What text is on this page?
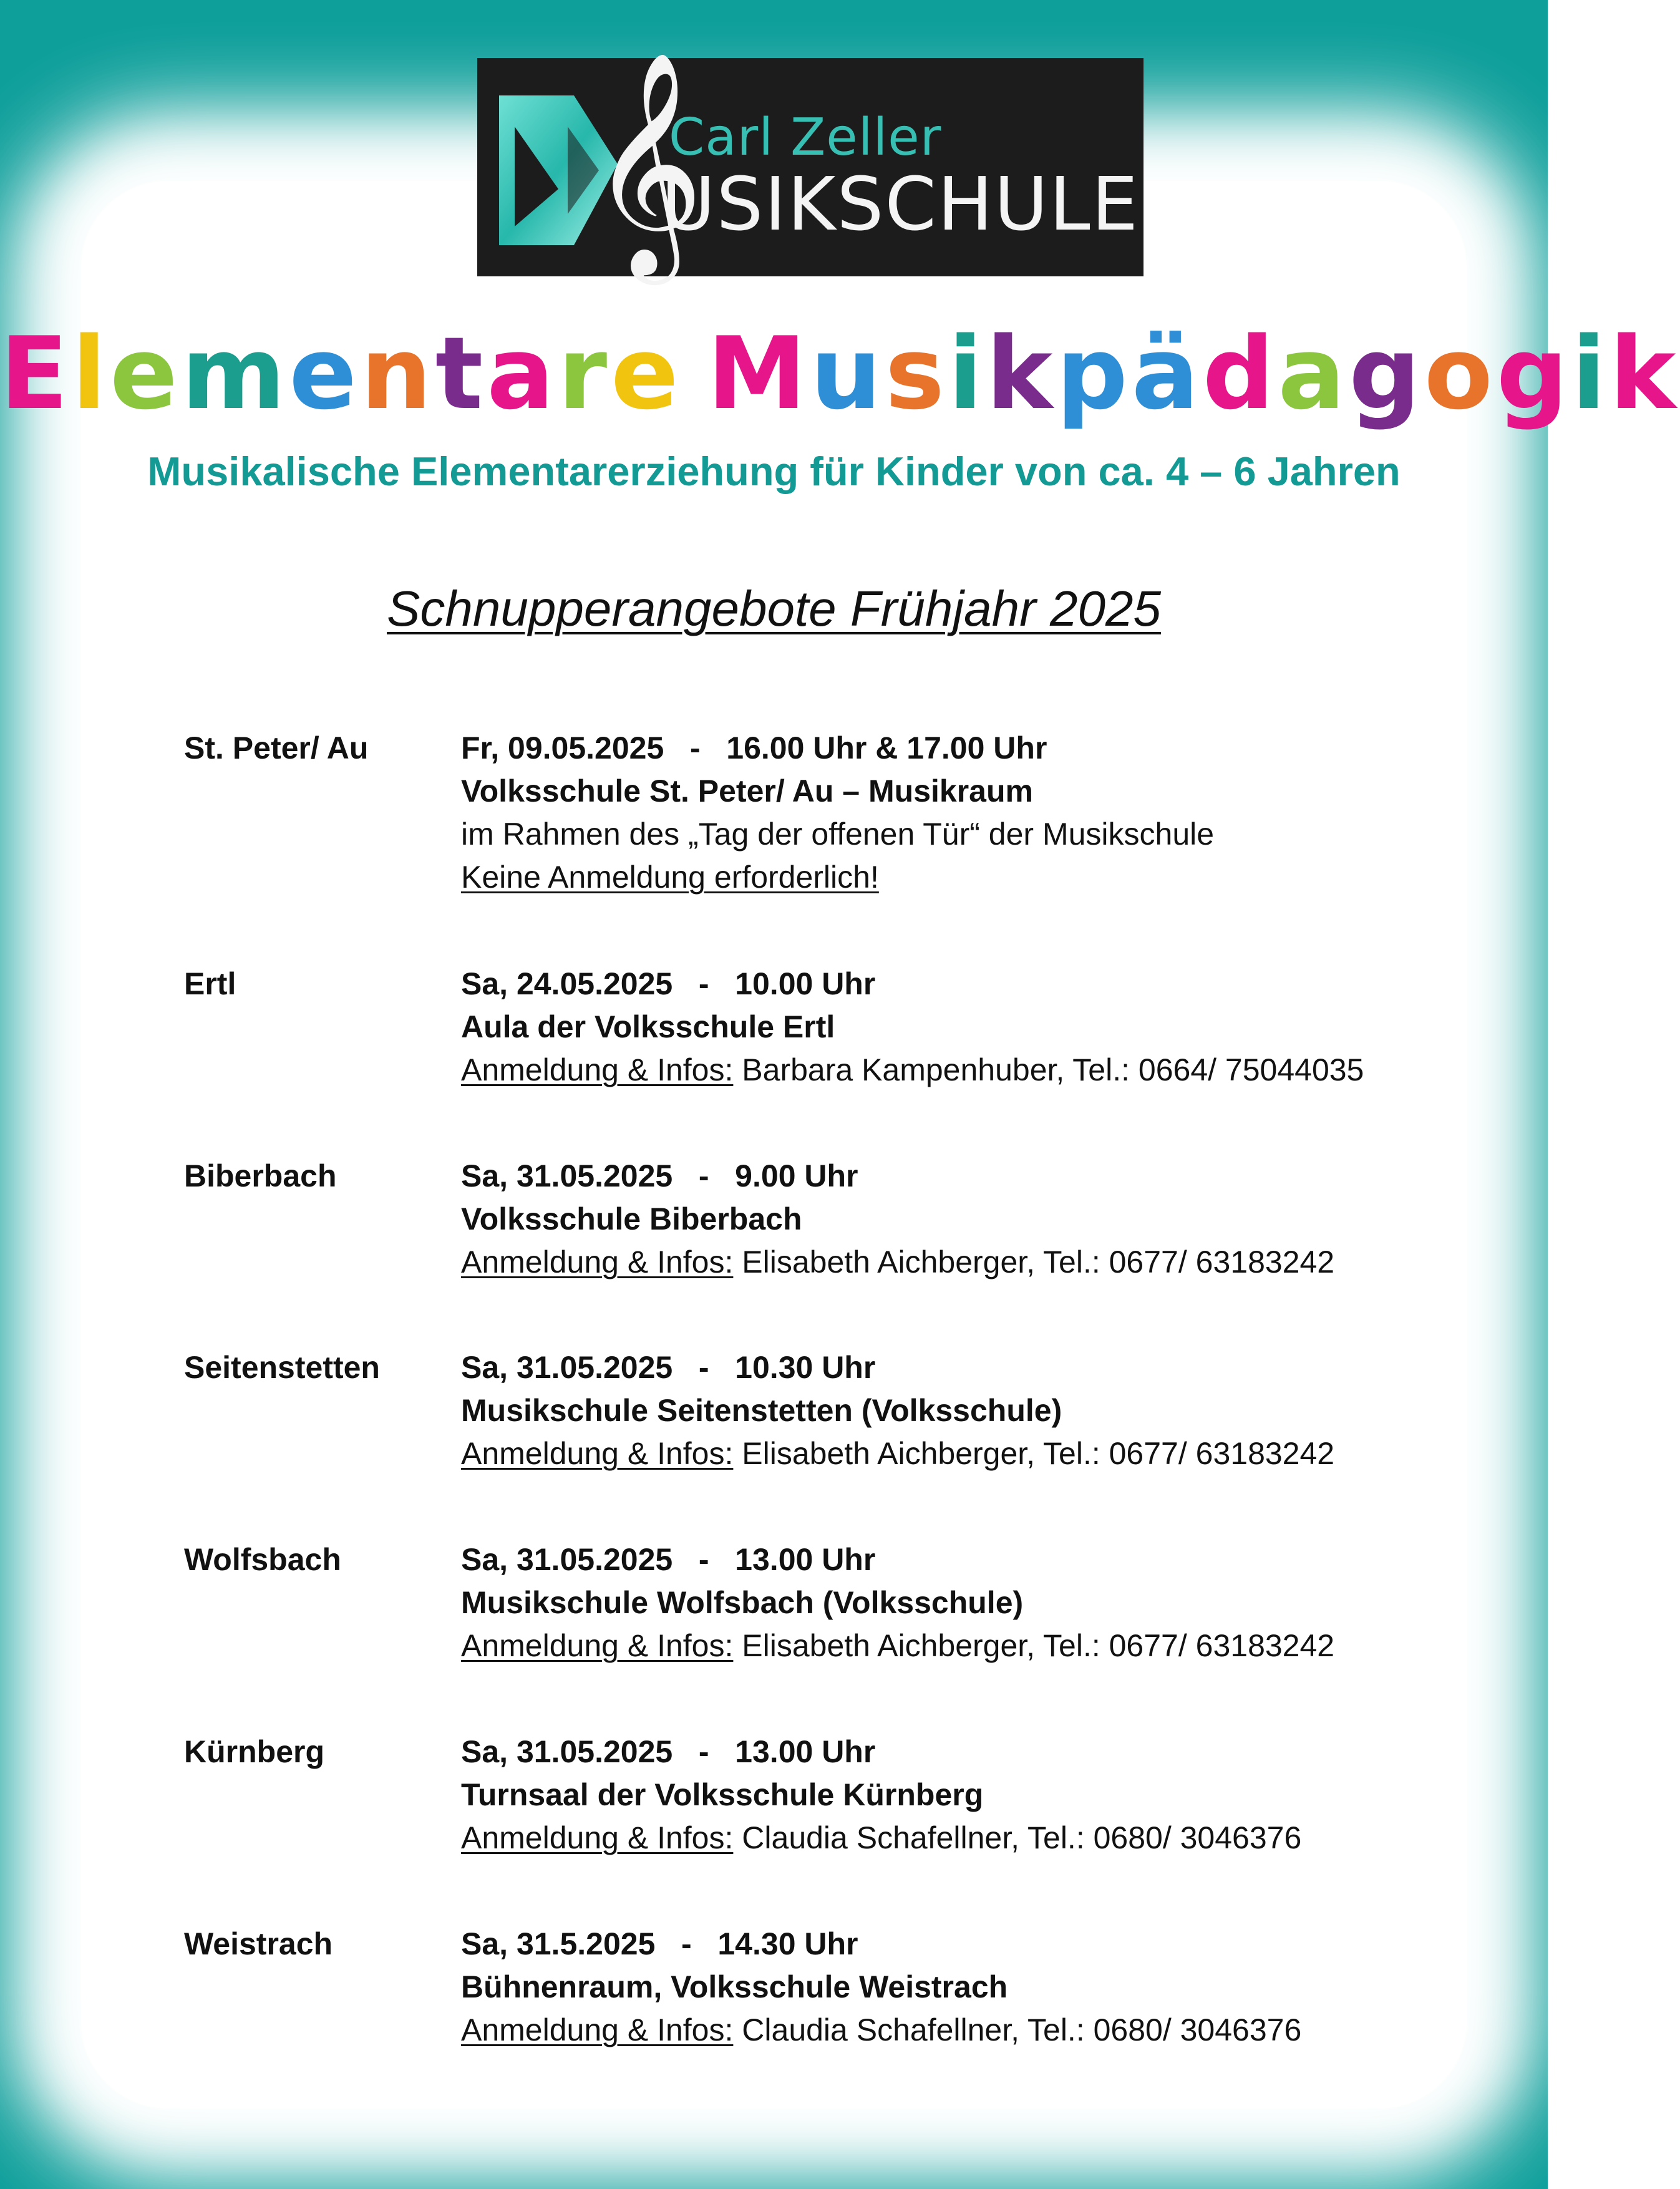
𝄞
Carl Zeller
USIKSCHULE
Elementare Musikpädagogik
Musikalische Elementarerziehung für Kinder von ca. 4 – 6 Jahren
Schnupperangebote Frühjahr 2025
St. Peter/ Au	Fr, 09.05.2025   -   16.00 Uhr & 17.00 Uhr
Volksschule St. Peter/ Au – Musikraum
im Rahmen des „Tag der offenen Tür“ der Musikschule
Keine Anmeldung erforderlich!
Ertl	Sa, 24.05.2025   -   10.00 Uhr
Aula der Volksschule Ertl
Anmeldung & Infos: Barbara Kampenhuber, Tel.: 0664/ 75044035
Biberbach	Sa, 31.05.2025   -   9.00 Uhr
Volksschule Biberbach
Anmeldung & Infos: Elisabeth Aichberger, Tel.: 0677/ 63183242
Seitenstetten	Sa, 31.05.2025   -   10.30 Uhr
Musikschule Seitenstetten (Volksschule)
Anmeldung & Infos: Elisabeth Aichberger, Tel.: 0677/ 63183242
Wolfsbach	Sa, 31.05.2025   -   13.00 Uhr
Musikschule Wolfsbach (Volksschule)
Anmeldung & Infos: Elisabeth Aichberger, Tel.: 0677/ 63183242
Kürnberg	Sa, 31.05.2025   -   13.00 Uhr
Turnsaal der Volksschule Kürnberg
Anmeldung & Infos: Claudia Schafellner, Tel.: 0680/ 3046376
Weistrach	Sa, 31.5.2025   -   14.30 Uhr
Bühnenraum, Volksschule Weistrach
Anmeldung & Infos: Claudia Schafellner, Tel.: 0680/ 3046376
